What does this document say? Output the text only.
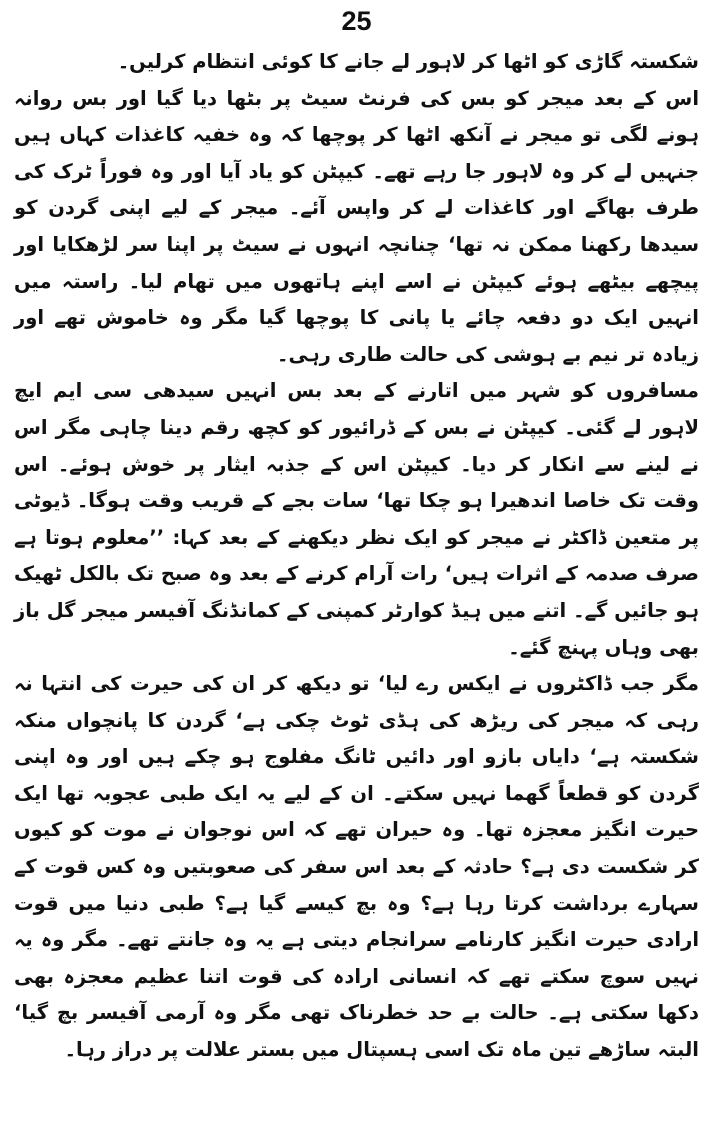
25

شکستہ گاڑی کو اٹھا کر لاہور لے جانے کا کوئی انتظام کرلیں۔

اس کے بعد میجر کو بس کی فرنٹ سیٹ پر بٹھا دیا گیا اور بس روانہ ہونے لگی تو میجر نے آنکھ اٹھا کر پوچھا کہ وہ خفیہ کاغذات کہاں ہیں جنہیں لے کر وہ لاہور جا رہے تھے۔ کیپٹن کو یاد آیا اور وہ فوراً ٹرک کی طرف بھاگے اور کاغذات لے کر واپس آئے۔ میجر کے لیے اپنی گردن کو سیدھا رکھنا ممکن نہ تھا‘ چنانچہ انہوں نے سیٹ پر اپنا سر لڑھکایا اور پیچھے بیٹھے ہوئے کیپٹن نے اسے اپنے ہاتھوں میں تھام لیا۔ راستہ میں انہیں ایک دو دفعہ چائے یا پانی کا پوچھا گیا مگر وہ خاموش تھے اور زیادہ تر نیم بے ہوشی کی حالت طاری رہی۔

مسافروں کو شہر میں اتارنے کے بعد بس انہیں سیدھی سی ایم ایچ لاہور لے گئی۔ کیپٹن نے بس کے ڈرائیور کو کچھ رقم دینا چاہی مگر اس نے لینے سے انکار کر دیا۔ کیپٹن اس کے جذبہ ایثار پر خوش ہوئے۔ اس وقت تک خاصا اندھیرا ہو چکا تھا‘ سات بجے کے قریب وقت ہوگا۔ ڈیوٹی پر متعین ڈاکٹر نے میجر کو ایک نظر دیکھنے کے بعد کہا: ’’معلوم ہوتا ہے صرف صدمہ کے اثرات ہیں‘ رات آرام کرنے کے بعد وہ صبح تک بالکل ٹھیک ہو جائیں گے۔ اتنے میں ہیڈ کوارٹر کمپنی کے کمانڈنگ آفیسر میجر گل باز بھی وہاں پہنچ گئے۔

مگر جب ڈاکٹروں نے ایکس رے لیا‘ تو دیکھ کر ان کی حیرت کی انتہا نہ رہی کہ میجر کی ریڑھ کی ہڈی ٹوٹ چکی ہے‘ گردن کا پانچواں منکہ شکستہ ہے‘ دایاں بازو اور دائیں ٹانگ مفلوج ہو چکے ہیں اور وہ اپنی گردن کو قطعاً گھما نہیں سکتے۔ ان کے لیے یہ ایک طبی عجوبہ تھا ایک حیرت انگیز معجزہ تھا۔ وہ حیران تھے کہ اس نوجوان نے موت کو کیوں کر شکست دی ہے؟ حادثہ کے بعد اس سفر کی صعوبتیں وہ کس قوت کے سہارے برداشت کرتا رہا ہے؟ وہ بچ کیسے گیا ہے؟ طبی دنیا میں قوت ارادی حیرت انگیز کارنامے سرانجام دیتی ہے یہ وہ جانتے تھے۔ مگر وہ یہ نہیں سوچ سکتے تھے کہ انسانی ارادہ کی قوت اتنا عظیم معجزہ بھی دکھا سکتی ہے۔ حالت بے حد خطرناک تھی مگر وہ آرمی آفیسر بچ گیا‘ البتہ ساڑھے تین ماہ تک اسی ہسپتال میں بستر علالت پر دراز رہا۔
